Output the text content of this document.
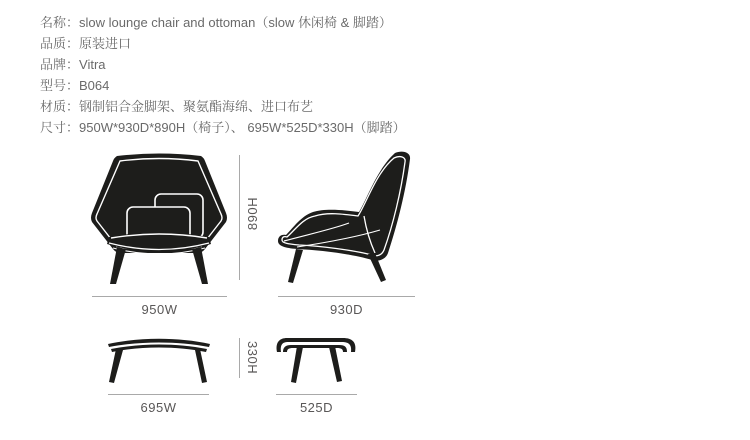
名称：slow lounge chair and ottoman（slow 休闲椅 & 脚踏）
品质：原装进口
品牌：Vitra
型号：B064
材质：钢制铝合金脚架、聚氨酯海绵、进口布艺
尺寸：950W*930D*890H（椅子）、 695W*525D*330H（脚踏）
950W	930D
890H
695W	525D
330H
